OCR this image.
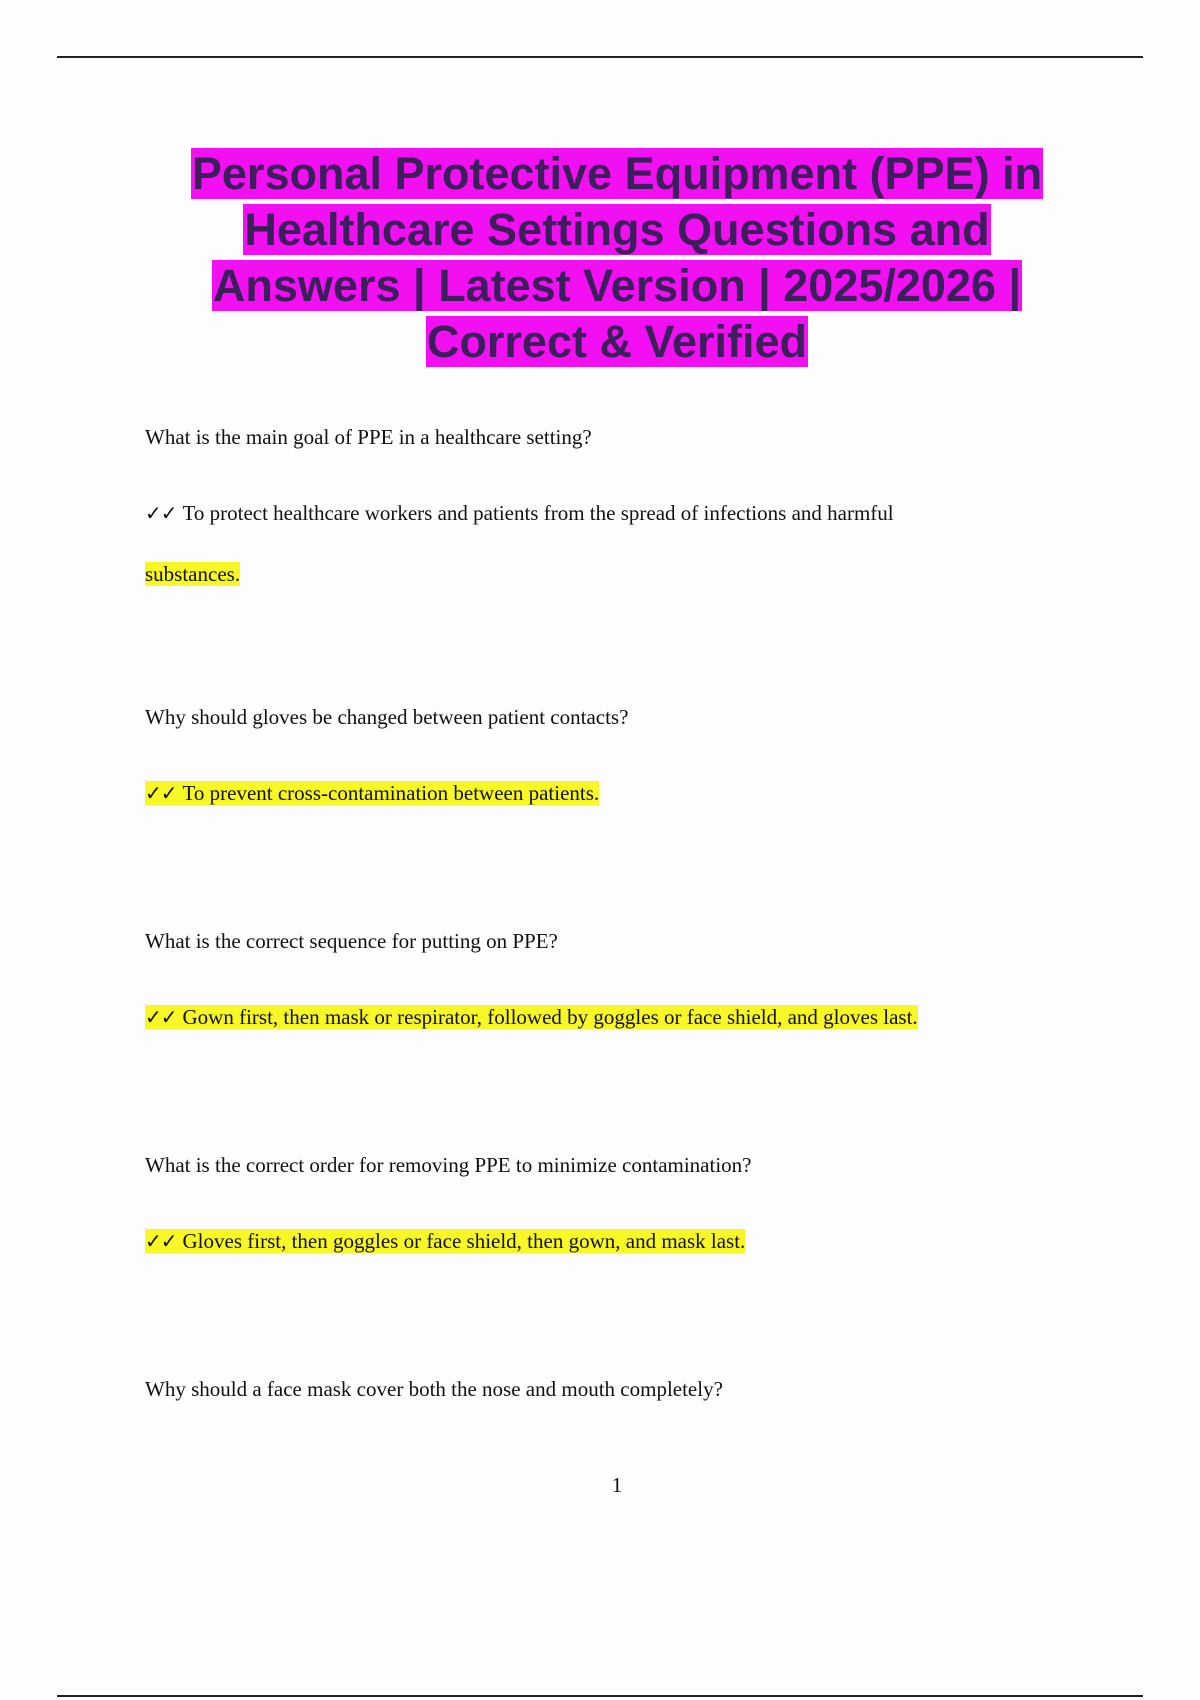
Personal Protective Equipment (PPE) in
Healthcare Settings Questions and
Answers | Latest Version | 2025/2026 |
Correct & Verified

What is the main goal of PPE in a healthcare setting?

✓✓ To protect healthcare workers and patients from the spread of infections and harmful

substances.

Why should gloves be changed between patient contacts?

✓✓ To prevent cross-contamination between patients.

What is the correct sequence for putting on PPE?

✓✓ Gown first, then mask or respirator, followed by goggles or face shield, and gloves last.

What is the correct order for removing PPE to minimize contamination?

✓✓ Gloves first, then goggles or face shield, then gown, and mask last.

Why should a face mask cover both the nose and mouth completely?

1
